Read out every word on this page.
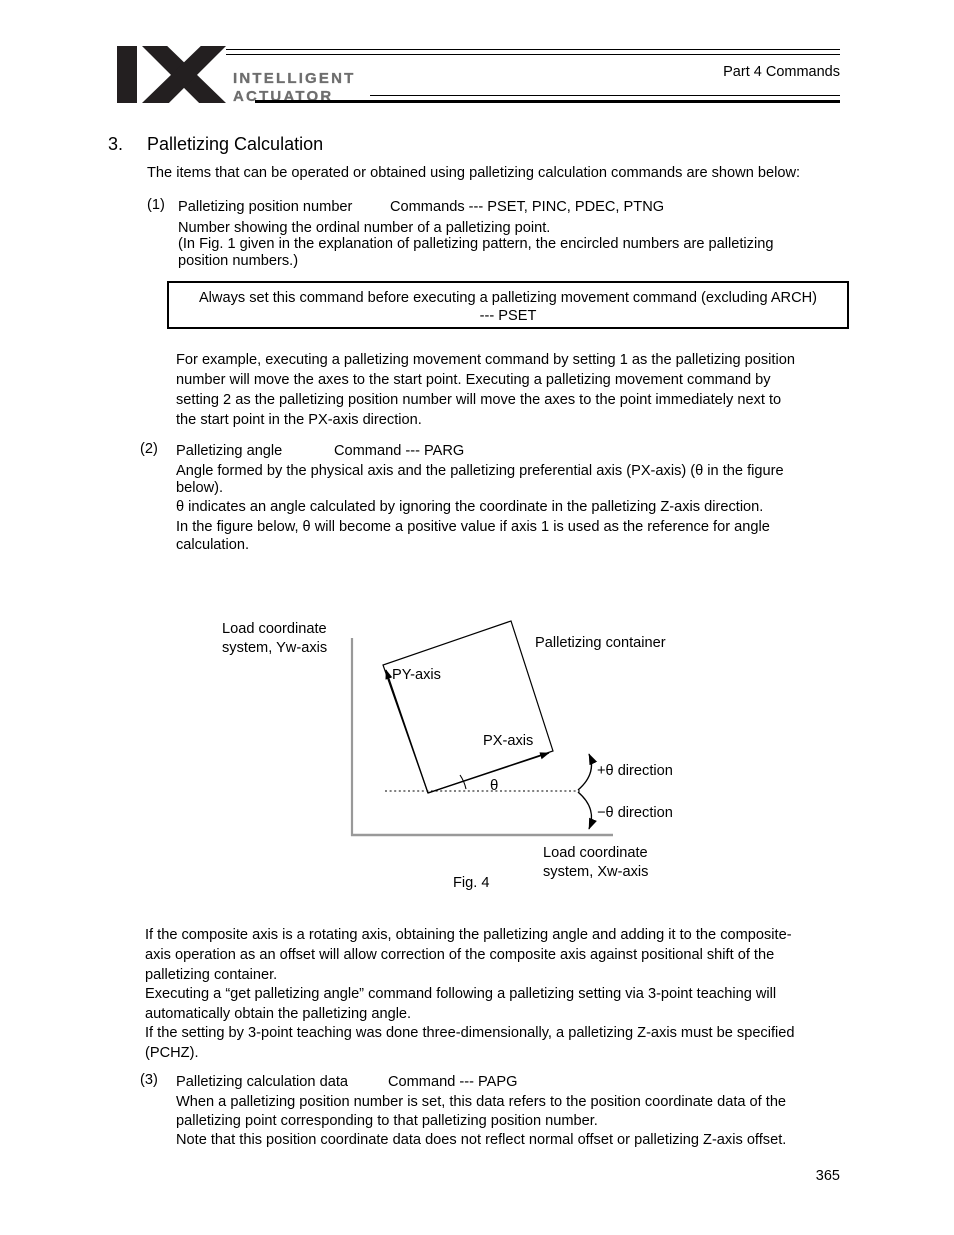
INTELLIGENT
ACTUATOR
Part 4 Commands
3. Palletizing Calculation
The items that can be operated or obtained using palletizing calculation commands are shown below:
(1) Palletizing position number	Commands --- PSET, PINC, PDEC, PTNG
Number showing the ordinal number of a palletizing point.
(In Fig. 1 given in the explanation of palletizing pattern, the encircled numbers are palletizing
position numbers.)
Always set this command before executing a palletizing movement command (excluding ARCH)
--- PSET
For example, executing a palletizing movement command by setting 1 as the palletizing position
number will move the axes to the start point. Executing a palletizing movement command by
setting 2 as the palletizing position number will move the axes to the point immediately next to
the start point in the PX-axis direction.
(2) Palletizing angle	Command --- PARG
Angle formed by the physical axis and the palletizing preferential axis (PX-axis) (θ in the figure
below).
θ indicates an angle calculated by ignoring the coordinate in the palletizing Z-axis direction.
In the figure below, θ will become a positive value if axis 1 is used as the reference for angle
calculation.
Load coordinate
system, Yw-axis	Palletizing container
PY-axis
PX-axis
θ
+θ direction
−θ direction
Load coordinate
system, Xw-axis
Fig. 4
If the composite axis is a rotating axis, obtaining the palletizing angle and adding it to the composite-
axis operation as an offset will allow correction of the composite axis against positional shift of the
palletizing container.
Executing a “get palletizing angle” command following a palletizing setting via 3-point teaching will
automatically obtain the palletizing angle.
If the setting by 3-point teaching was done three-dimensionally, a palletizing Z-axis must be specified
(PCHZ).
(3) Palletizing calculation data	Command --- PAPG
When a palletizing position number is set, this data refers to the position coordinate data of the
palletizing point corresponding to that palletizing position number.
Note that this position coordinate data does not reflect normal offset or palletizing Z-axis offset.
365
